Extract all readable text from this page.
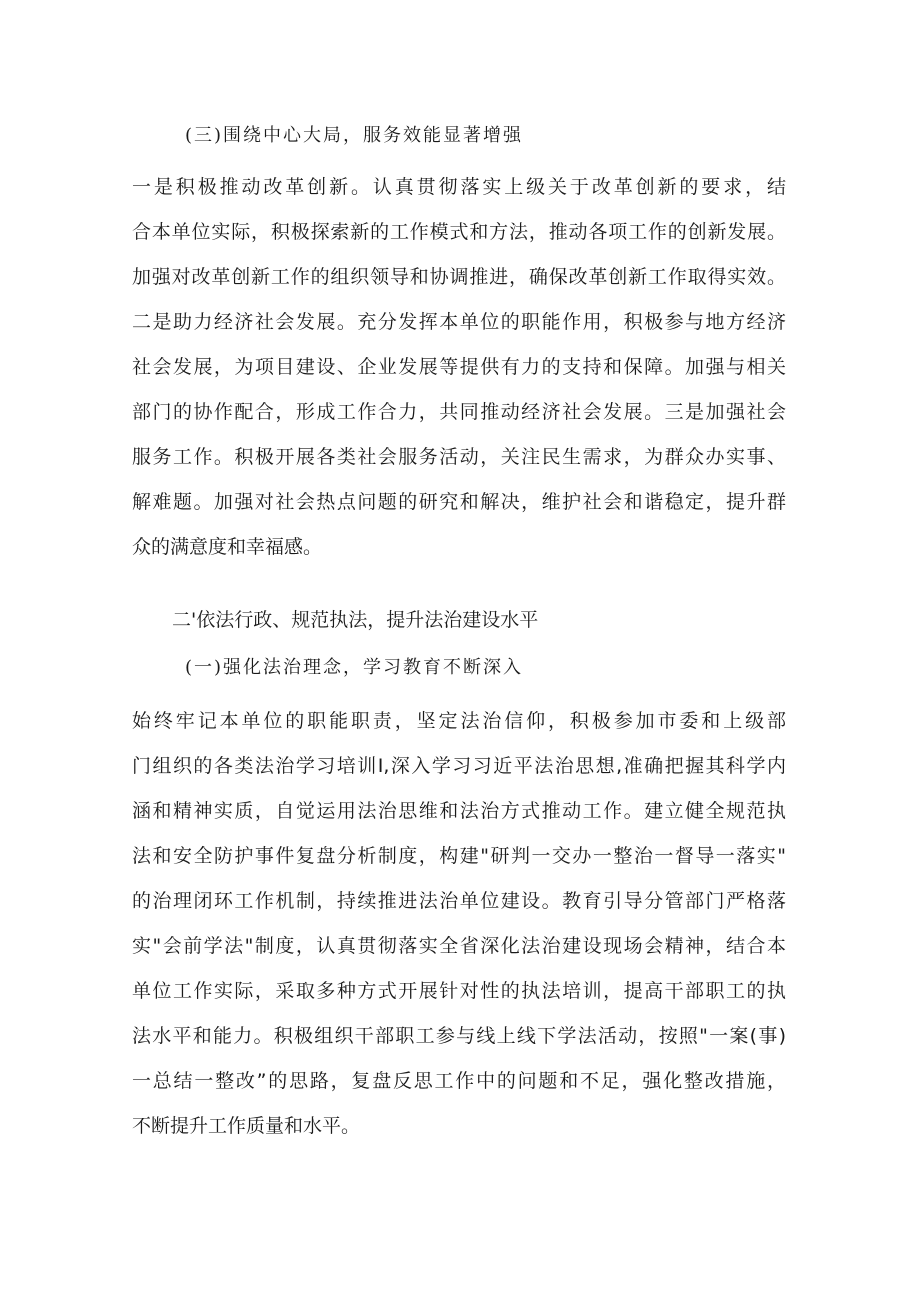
(三)围绕中心大局，服务效能显著增强
一是积极推动改革创新。认真贯彻落实上级关于改革创新的要求，结
合本单位实际，积极探索新的工作模式和方法，推动各项工作的创新发展。
加强对改革创新工作的组织领导和协调推进，确保改革创新工作取得实效。
二是助力经济社会发展。充分发挥本单位的职能作用，积极参与地方经济
社会发展，为项目建设、企业发展等提供有力的支持和保障。加强与相关
部门的协作配合，形成工作合力，共同推动经济社会发展。三是加强社会
服务工作。积极开展各类社会服务活动，关注民生需求，为群众办实事、
解难题。加强对社会热点问题的研究和解决，维护社会和谐稳定，提升群
众的满意度和幸福感。
二'依法行政、规范执法，提升法治建设水平
(一)强化法治理念，学习教育不断深入
始终牢记本单位的职能职责，坚定法治信仰，积极参加市委和上级部
门组织的各类法治学习培训I,深入学习习近平法治思想,准确把握其科学内
涵和精神实质，自觉运用法治思维和法治方式推动工作。建立健全规范执
法和安全防护事件复盘分析制度，构建"研判一交办一整治一督导一落实"
的治理闭环工作机制，持续推进法治单位建设。教育引导分管部门严格落
实"会前学法"制度，认真贯彻落实全省深化法治建设现场会精神，结合本
单位工作实际，采取多种方式开展针对性的执法培训，提高干部职工的执
法水平和能力。积极组织干部职工参与线上线下学法活动，按照"一案(事)
一总结一整改”的思路，复盘反思工作中的问题和不足，强化整改措施，
不断提升工作质量和水平。
